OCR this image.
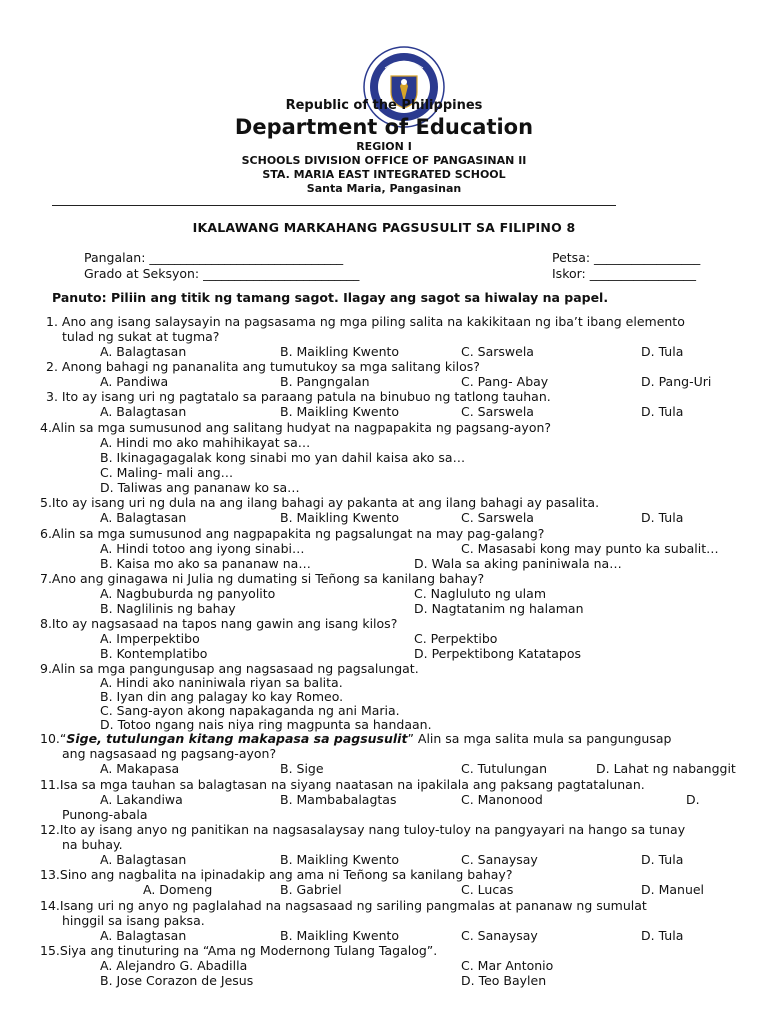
Republic of the Philippines
Department of Education
REGION I
SCHOOLS DIVISION OFFICE OF PANGASINAN II
STA. MARIA EAST INTEGRATED SCHOOL
Santa Maria, Pangasinan
IKALAWANG MARKAHANG PAGSUSULIT SA FILIPINO 8
Pangalan: _______________________________	Petsa: _________________
Grado at Seksyon: _________________________	Iskor: _________________
Panuto: Piliin ang titik ng tamang sagot. Ilagay ang sagot sa hiwalay na papel.
1. Ano ang isang salaysayin na pagsasama ng mga piling salita na kakikitaan ng iba’t ibang elemento
tulad ng sukat at tugma?
A. Balagtasan	B. Maikling Kwento	C. Sarswela	D. Tula
2. Anong bahagi ng pananalita ang tumutukoy sa mga salitang kilos?
A. Pandiwa	B. Pangngalan	C. Pang- Abay	D. Pang-Uri
3. Ito ay isang uri ng pagtatalo sa paraang patula na binubuo ng tatlong tauhan.
A. Balagtasan	B. Maikling Kwento	C. Sarswela	D. Tula
4.Alin sa mga sumusunod ang salitang hudyat na nagpapakita ng pagsang-ayon?
A. Hindi mo ako mahihikayat sa…
B. Ikinagagagalak kong sinabi mo yan dahil kaisa ako sa…
C. Maling- mali ang…
D. Taliwas ang pananaw ko sa…
5.Ito ay isang uri ng dula na ang ilang bahagi ay pakanta at ang ilang bahagi ay pasalita.
A. Balagtasan	B. Maikling Kwento	C. Sarswela	D. Tula
6.Alin sa mga sumusunod ang nagpapakita ng pagsalungat na may pag-galang?
A. Hindi totoo ang iyong sinabi…	C. Masasabi kong may punto ka subalit…
B. Kaisa mo ako sa pananaw na…	D. Wala sa aking paniniwala na…
7.Ano ang ginagawa ni Julia ng dumating si Teñong sa kanilang bahay?
A. Nagbuburda ng panyolito	C. Nagluluto ng ulam
B. Naglilinis ng bahay	D. Nagtatanim ng halaman
8.Ito ay nagsasaad na tapos nang gawin ang isang kilos?
A. Imperpektibo	C. Perpektibo
B. Kontemplatibo	D. Perpektibong Katatapos
9.Alin sa mga pangungusap ang nagsasaad ng pagsalungat.
A. Hindi ako naniniwala riyan sa balita.
B. Iyan din ang palagay ko kay Romeo.
C. Sang-ayon akong napakaganda ng ani Maria.
D. Totoo ngang nais niya ring magpunta sa handaan.
10.“Sige, tutulungan kitang makapasa sa pagsusulit” Alin sa mga salita mula sa pangungusap
ang nagsasaad ng pagsang-ayon?
A. Makapasa	B. Sige	C. Tutulungan	D. Lahat ng nabanggit
11.Isa sa mga tauhan sa balagtasan na siyang naatasan na ipakilala ang paksang pagtatalunan.
A. Lakandiwa	B. Mambabalagtas	C. Manonood	D.
Punong-abala
12.Ito ay isang anyo ng panitikan na nagsasalaysay nang tuloy-tuloy na pangyayari na hango sa tunay
na buhay.
A. Balagtasan	B. Maikling Kwento	C. Sanaysay	D. Tula
13.Sino ang nagbalita na ipinadakip ang ama ni Teñong sa kanilang bahay?
A. Domeng	B. Gabriel	C. Lucas	D. Manuel
14.Isang uri ng anyo ng paglalahad na nagsasaad ng sariling pangmalas at pananaw ng sumulat
hinggil sa isang paksa.
A. Balagtasan	B. Maikling Kwento	C. Sanaysay	D. Tula
15.Siya ang tinuturing na “Ama ng Modernong Tulang Tagalog”.
A. Alejandro G. Abadilla	C. Mar Antonio
B. Jose Corazon de Jesus	D. Teo Baylen
